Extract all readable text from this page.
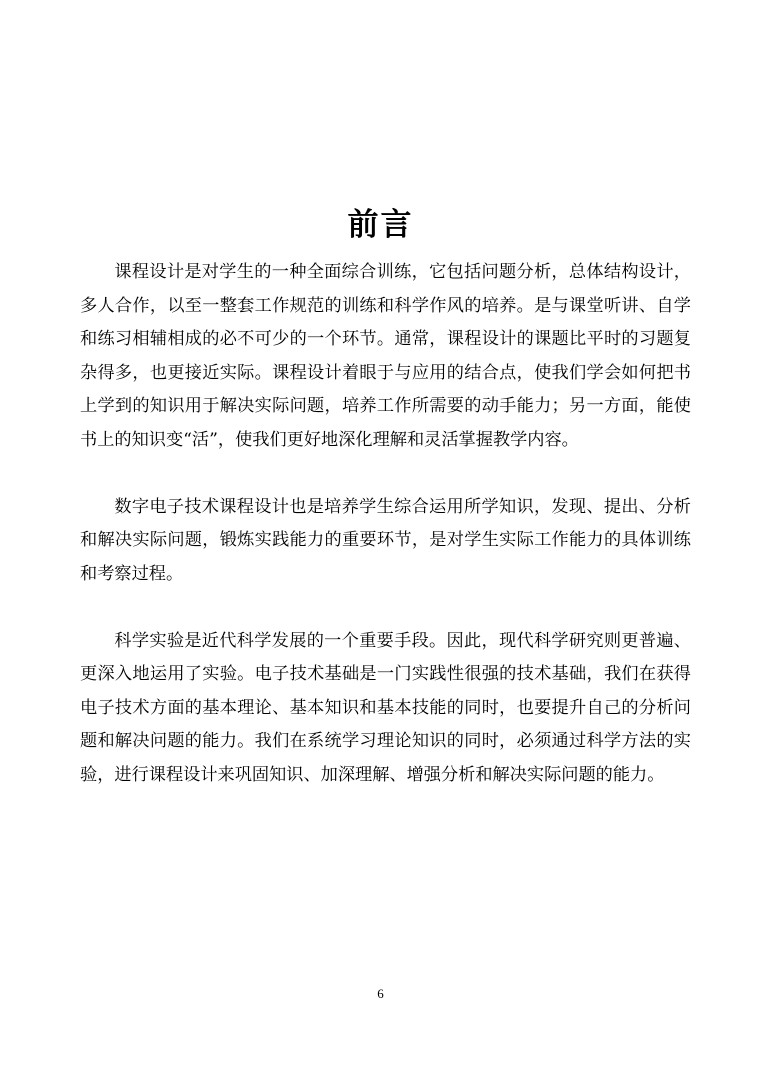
前言

课程设计是对学生的一种全面综合训练，它包括问题分析，总体结构设计，多人合作，以至一整套工作规范的训练和科学作风的培养。是与课堂听讲、自学和练习相辅相成的必不可少的一个环节。通常，课程设计的课题比平时的习题复杂得多，也更接近实际。课程设计着眼于与应用的结合点，使我们学会如何把书上学到的知识用于解决实际问题，培养工作所需要的动手能力；另一方面，能使书上的知识变“活”，使我们更好地深化理解和灵活掌握教学内容。

数字电子技术课程设计也是培养学生综合运用所学知识，发现、提出、分析和解决实际问题，锻炼实践能力的重要环节，是对学生实际工作能力的具体训练和考察过程。

科学实验是近代科学发展的一个重要手段。因此，现代科学研究则更普遍、更深入地运用了实验。电子技术基础是一门实践性很强的技术基础，我们在获得电子技术方面的基本理论、基本知识和基本技能的同时，也要提升自己的分析问题和解决问题的能力。我们在系统学习理论知识的同时，必须通过科学方法的实验，进行课程设计来巩固知识、加深理解、增强分析和解决实际问题的能力。

6
